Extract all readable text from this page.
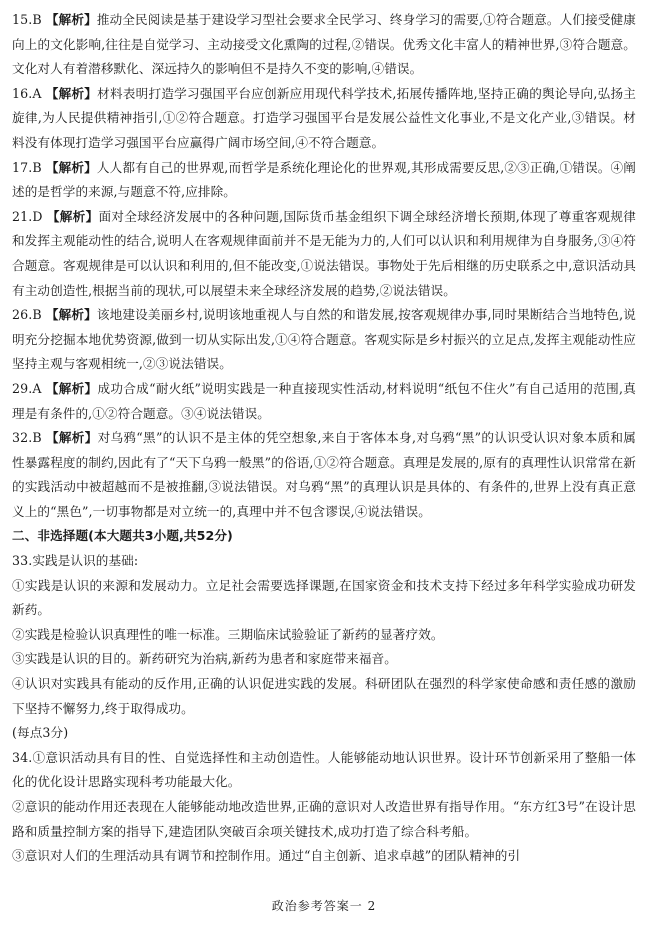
15.B 【解析】推动全民阅读是基于建设学习型社会要求全民学习、终身学习的需要,①符合题意。人们接受健康向上的文化影响,往往是自觉学习、主动接受文化熏陶的过程,②错误。优秀文化丰富人的精神世界,③符合题意。文化对人有着潜移默化、深远持久的影响但不是持久不变的影响,④错误。

16.A 【解析】材料表明打造学习强国平台应创新应用现代科学技术,拓展传播阵地,坚持正确的舆论导向,弘扬主旋律,为人民提供精神指引,①②符合题意。打造学习强国平台是发展公益性文化事业,不是文化产业,③错误。材料没有体现打造学习强国平台应赢得广阔市场空间,④不符合题意。

17.B 【解析】人人都有自己的世界观,而哲学是系统化理论化的世界观,其形成需要反思,②③正确,①错误。④阐述的是哲学的来源,与题意不符,应排除。

21.D 【解析】面对全球经济发展中的各种问题,国际货币基金组织下调全球经济增长预期,体现了尊重客观规律和发挥主观能动性的结合,说明人在客观规律面前并不是无能为力的,人们可以认识和利用规律为自身服务,③④符合题意。客观规律是可以认识和利用的,但不能改变,①说法错误。事物处于先后相继的历史联系之中,意识活动具有主动创造性,根据当前的现状,可以展望未来全球经济发展的趋势,②说法错误。

26.B 【解析】该地建设美丽乡村,说明该地重视人与自然的和谐发展,按客观规律办事,同时果断结合当地特色,说明充分挖掘本地优势资源,做到一切从实际出发,①④符合题意。客观实际是乡村振兴的立足点,发挥主观能动性应坚持主观与客观相统一,②③说法错误。

29.A 【解析】成功合成“耐火纸”说明实践是一种直接现实性活动,材料说明“纸包不住火”有自己适用的范围,真理是有条件的,①②符合题意。③④说法错误。

32.B 【解析】对乌鸦“黑”的认识不是主体的凭空想象,来自于客体本身,对乌鸦“黑”的认识受认识对象本质和属性暴露程度的制约,因此有了“天下乌鸦一般黑”的俗语,①②符合题意。真理是发展的,原有的真理性认识常常在新的实践活动中被超越而不是被推翻,③说法错误。对乌鸦“黑”的真理认识是具体的、有条件的,世界上没有真正意义上的“黑色”,一切事物都是对立统一的,真理中并不包含谬误,④说法错误。

二、非选择题(本大题共3小题,共52分)

33.实践是认识的基础:

①实践是认识的来源和发展动力。立足社会需要选择课题,在国家资金和技术支持下经过多年科学实验成功研发新药。

②实践是检验认识真理性的唯一标准。三期临床试验验证了新药的显著疗效。

③实践是认识的目的。新药研究为治病,新药为患者和家庭带来福音。

④认识对实践具有能动的反作用,正确的认识促进实践的发展。科研团队在强烈的科学家使命感和责任感的激励下坚持不懈努力,终于取得成功。

(每点3分)

34.①意识活动具有目的性、自觉选择性和主动创造性。人能够能动地认识世界。设计环节创新采用了整船一体化的优化设计思路实现科考功能最大化。

②意识的能动作用还表现在人能够能动地改造世界,正确的意识对人改造世界有指导作用。“东方红3号”在设计思路和质量控制方案的指导下,建造团队突破百余项关键技术,成功打造了综合科考船。

③意识对人们的生理活动具有调节和控制作用。通过“自主创新、追求卓越”的团队精神的引

政治参考答案一 2
